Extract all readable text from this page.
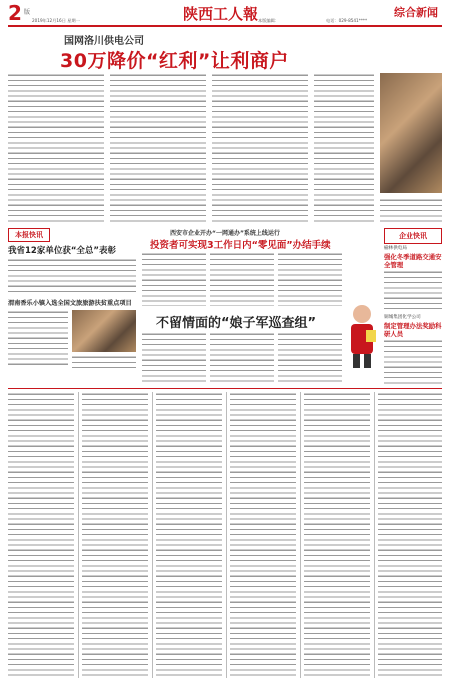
2 版
2019年12月16日 星期一	陕西工人報 本版编辑：	电话：029-8541****
综合新闻
国网洛川供电公司
30万降价“红利”让利商户
本报快讯
我省12家单位获“全总”表彰
渭南香乐小镇入选全国文旅旅游扶贫重点项目
西安市企业开办“一网通办”系统上线运行
投资者可实现3工作日内“零见面”办结手续
不留情面的“娘子军巡查组”
企业快讯
榆林供电局
强化冬季道路交通安全管理
铜城集团化学公司
制定管理办法奖励科研人员
